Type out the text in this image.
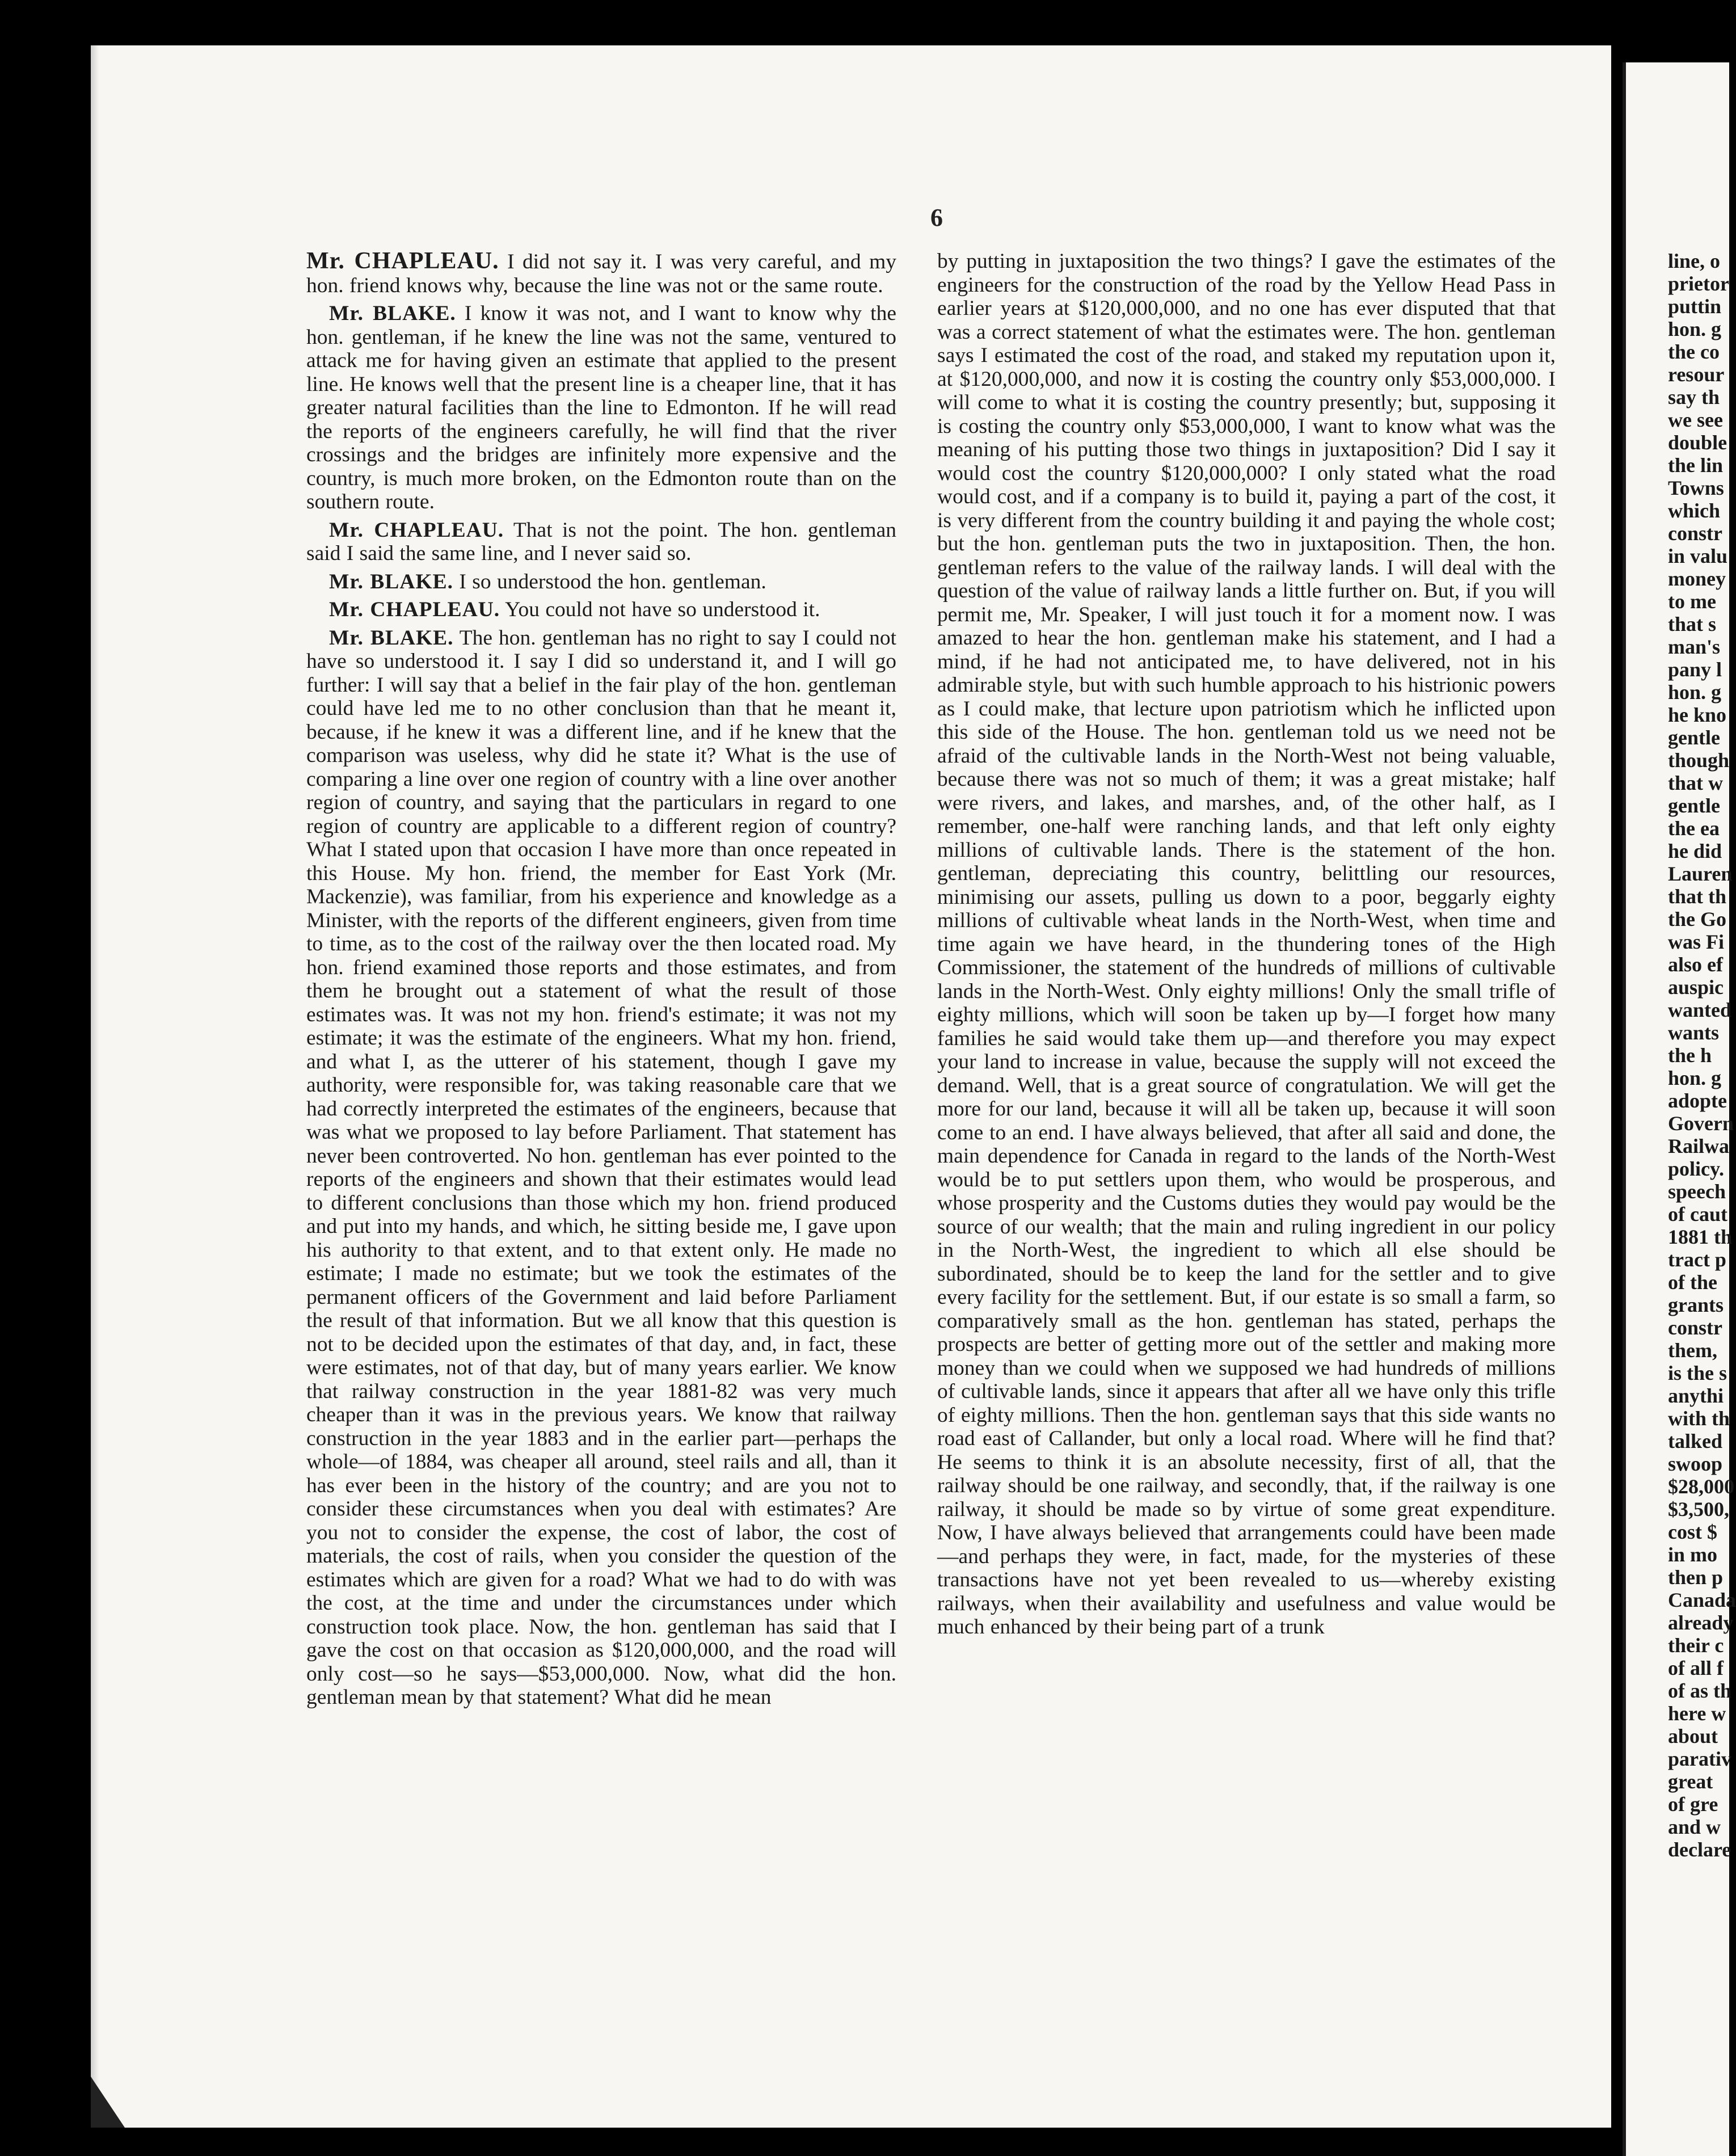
6

Mr. CHAPLEAU. I did not say it. I was very careful, and my hon. friend knows why, because the line was not or the same route.

Mr. BLAKE. I know it was not, and I want to know why the hon. gentleman, if he knew the line was not the same, ventured to attack me for having given an estimate that applied to the present line. He knows well that the present line is a cheaper line, that it has greater natural facilities than the line to Edmonton. If he will read the reports of the engineers carefully, he will find that the river crossings and the bridges are infinitely more expensive and the country, is much more broken, on the Edmonton route than on the southern route.

Mr. CHAPLEAU. That is not the point. The hon. gentleman said I said the same line, and I never said so.

Mr. BLAKE. I so understood the hon. gentleman.

Mr. CHAPLEAU. You could not have so understood it.

Mr. BLAKE. The hon. gentleman has no right to say I could not have so understood it. I say I did so understand it, and I will go further: I will say that a belief in the fair play of the hon. gentleman could have led me to no other conclusion than that he meant it, because, if he knew it was a different line, and if he knew that the comparison was useless, why did he state it? What is the use of comparing a line over one region of country with a line over another region of country, and saying that the particulars in regard to one region of country are applicable to a different region of country? What I stated upon that occasion I have more than once repeated in this House. My hon. friend, the member for East York (Mr. Mackenzie), was familiar, from his experience and knowledge as a Minister, with the reports of the different engineers, given from time to time, as to the cost of the railway over the then located road. My hon. friend examined those reports and those estimates, and from them he brought out a statement of what the result of those estimates was. It was not my hon. friend's estimate; it was not my estimate; it was the estimate of the engineers. What my hon. friend, and what I, as the utterer of his statement, though I gave my authority, were responsible for, was taking reasonable care that we had correctly interpreted the estimates of the engineers, because that was what we proposed to lay before Parliament. That statement has never been controverted. No hon. gentleman has ever pointed to the reports of the engineers and shown that their estimates would lead to different conclusions than those which my hon. friend produced and put into my hands, and which, he sitting beside me, I gave upon his authority to that extent, and to that extent only. He made no estimate; I made no estimate; but we took the estimates of the permanent officers of the Government and laid before Parliament the result of that information. But we all know that this question is not to be decided upon the estimates of that day, and, in fact, these were estimates, not of that day, but of many years earlier. We know that railway construction in the year 1881-82 was very much cheaper than it was in the previous years. We know that railway construction in the year 1883 and in the earlier part—perhaps the whole—of 1884, was cheaper all around, steel rails and all, than it has ever been in the history of the country; and are you not to consider these circumstances when you deal with estimates? Are you not to consider the expense, the cost of labor, the cost of materials, the cost of rails, when you consider the question of the estimates which are given for a road? What we had to do with was the cost, at the time and under the circumstances under which construction took place. Now, the hon. gentleman has said that I gave the cost on that occasion as $120,000,000, and the road will only cost—so he says—$53,000,000. Now, what did the hon. gentleman mean by that statement? What did he mean

by putting in juxtaposition the two things? I gave the estimates of the engineers for the construction of the road by the Yellow Head Pass in earlier years at $120,000,000, and no one has ever disputed that that was a correct statement of what the estimates were. The hon. gentleman says I estimated the cost of the road, and staked my reputation upon it, at $120,000,000, and now it is costing the country only $53,000,000. I will come to what it is costing the country presently; but, supposing it is costing the country only $53,000,000, I want to know what was the meaning of his putting those two things in juxtaposition? Did I say it would cost the country $120,000,000? I only stated what the road would cost, and if a company is to build it, paying a part of the cost, it is very different from the country building it and paying the whole cost; but the hon. gentleman puts the two in juxtaposition. Then, the hon. gentleman refers to the value of the railway lands. I will deal with the question of the value of railway lands a little further on. But, if you will permit me, Mr. Speaker, I will just touch it for a moment now. I was amazed to hear the hon. gentleman make his statement, and I had a mind, if he had not anticipated me, to have delivered, not in his admirable style, but with such humble approach to his histrionic powers as I could make, that lecture upon patriotism which he inflicted upon this side of the House. The hon. gentleman told us we need not be afraid of the cultivable lands in the North-West not being valuable, because there was not so much of them; it was a great mistake; half were rivers, and lakes, and marshes, and, of the other half, as I remember, one-half were ranching lands, and that left only eighty millions of cultivable lands. There is the statement of the hon. gentleman, depreciating this country, belittling our resources, minimising our assets, pulling us down to a poor, beggarly eighty millions of cultivable wheat lands in the North-West, when time and time again we have heard, in the thundering tones of the High Commissioner, the statement of the hundreds of millions of cultivable lands in the North-West. Only eighty millions! Only the small trifle of eighty millions, which will soon be taken up by—I forget how many families he said would take them up—and therefore you may expect your land to increase in value, because the supply will not exceed the demand. Well, that is a great source of congratulation. We will get the more for our land, because it will all be taken up, because it will soon come to an end. I have always believed, that after all said and done, the main dependence for Canada in regard to the lands of the North-West would be to put settlers upon them, who would be prosperous, and whose prosperity and the Customs duties they would pay would be the source of our wealth; that the main and ruling ingredient in our policy in the North-West, the ingredient to which all else should be subordinated, should be to keep the land for the settler and to give every facility for the settlement. But, if our estate is so small a farm, so comparatively small as the hon. gentleman has stated, perhaps the prospects are better of getting more out of the settler and making more money than we could when we supposed we had hundreds of millions of cultivable lands, since it appears that after all we have only this trifle of eighty millions. Then the hon. gentleman says that this side wants no road east of Callander, but only a local road. Where will he find that? He seems to think it is an absolute necessity, first of all, that the railway should be one railway, and secondly, that, if the railway is one railway, it should be made so by virtue of some great expenditure. Now, I have always believed that arrangements could have been made—and perhaps they were, in fact, made, for the mysteries of these transactions have not yet been revealed to us—whereby existing railways, when their availability and usefulness and value would be much enhanced by their being part of a trunk

line, o
prietor
puttin
hon. g
the co
resour
say th
we see
double
the lin
Towns
which
constr
in valu
money
to me
that s
man's
pany l
hon. g
he kno
gentle
though
that w
gentle
the ea
he did
Lauren
that th
the Go
was Fi
also ef
auspic
wanted
wants
the h
hon. g
adopte
Govern
Railwa
policy.
speech
of caut
1881 th
tract p
of the
grants
constr
them,
is the s
anythi
with th
talked
swoop
$28,000
$3,500,
cost $
in mo
then p
Canada
already
their c
of all f
of as th
here w
about
parativ
great
of gre
and w
declare
